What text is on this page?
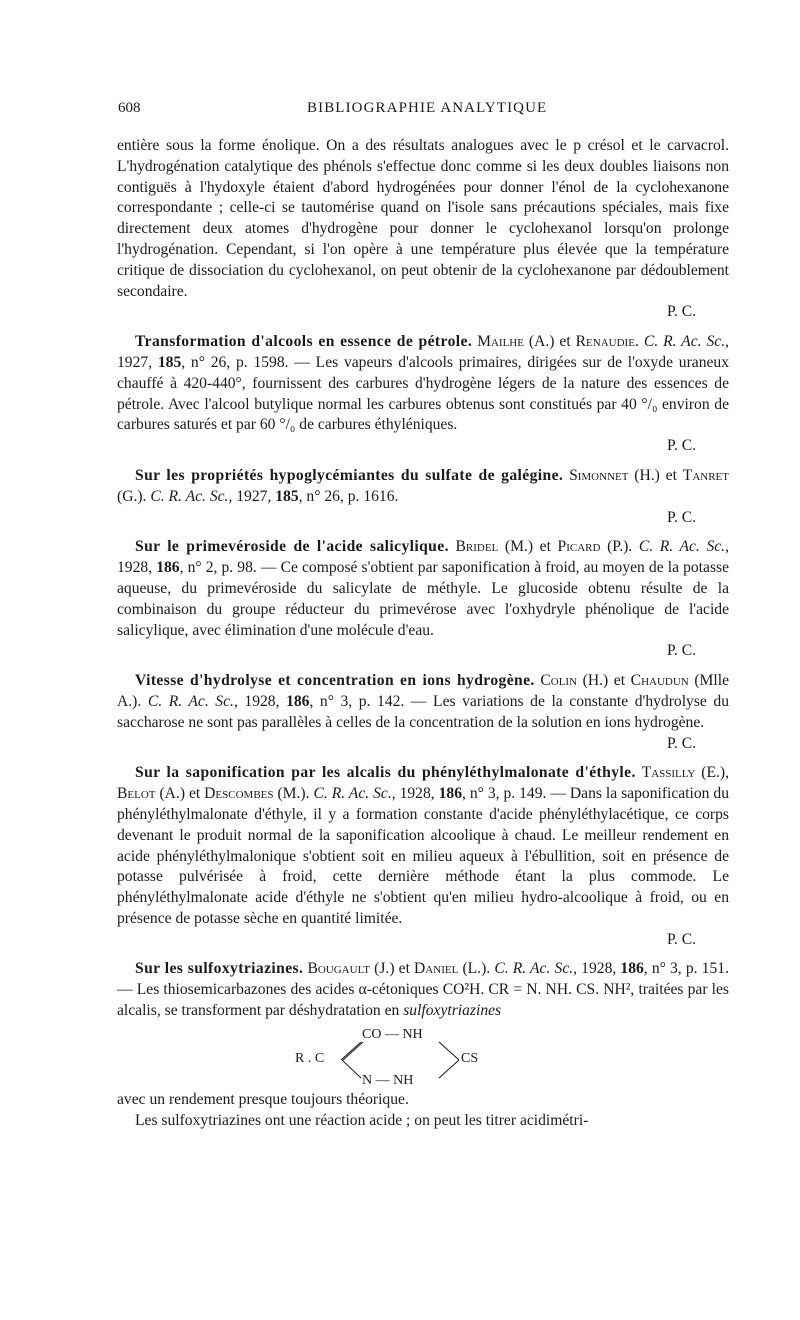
608	BIBLIOGRAPHIE ANALYTIQUE

entière sous la forme énolique. On a des résultats analogues avec le p crésol et le carvacrol. L'hydrogénation catalytique des phénols s'effectue donc comme si les deux doubles liaisons non contiguës à l'hydoxyle étaient d'abord hydrogénées pour donner l'énol de la cyclohexanone correspondante ; celle-ci se tautomérise quand on l'isole sans précautions spéciales, mais fixe directement deux atomes d'hydrogène pour donner le cyclohexanol lorsqu'on prolonge l'hydrogénation. Cependant, si l'on opère à une température plus élevée que la température critique de dissociation du cyclohexanol, on peut obtenir de la cyclohexanone par dédoublement secondaire.

P. C.

Transformation d'alcools en essence de pétrole. Mailhe (A.) et Renaudie. C. R. Ac. Sc., 1927, 185, n° 26, p. 1598. — Les vapeurs d'alcools primaires, dirigées sur de l'oxyde uraneux chauffé à 420-440°, fournissent des carbures d'hydrogène légers de la nature des essences de pétrole. Avec l'alcool butylique normal les carbures obtenus sont constitués par 40 °/₀ environ de carbures saturés et par 60 °/₀ de carbures éthyléniques.

P. C.

Sur les propriétés hypoglycémiantes du sulfate de galégine. Simonnet (H.) et Tanret (G.). C. R. Ac. Sc., 1927, 185, n° 26, p. 1616.

P. C.

Sur le primevéroside de l'acide salicylique. Bridel (M.) et Picard (P.). C. R. Ac. Sc., 1928, 186, n° 2, p. 98. — Ce composé s'obtient par saponification à froid, au moyen de la potasse aqueuse, du primevéroside du salicylate de méthyle. Le glucoside obtenu résulte de la combinaison du groupe réducteur du primevérose avec l'oxhydryle phénolique de l'acide salicylique, avec élimination d'une molécule d'eau.

P. C.

Vitesse d'hydrolyse et concentration en ions hydrogène. Colin (H.) et Chaudun (Mlle A.). C. R. Ac. Sc., 1928, 186, n° 3, p. 142. — Les variations de la constante d'hydrolyse du saccharose ne sont pas parallèles à celles de la concentration de la solution en ions hydrogène.

P. C.

Sur la saponification par les alcalis du phényléthylmalonate d'éthyle. Tassilly (E.), Belot (A.) et Descombes (M.). C. R. Ac. Sc., 1928, 186, n° 3, p. 149. — Dans la saponification du phényléthylmalonate d'éthyle, il y a formation constante d'acide phényléthylacétique, ce corps devenant le produit normal de la saponification alcoolique à chaud. Le meilleur rendement en acide phényléthylmalonique s'obtient soit en milieu aqueux à l'ébullition, soit en présence de potasse pulvérisée à froid, cette dernière méthode étant la plus commode. Le phényléthylmalonate acide d'éthyle ne s'obtient qu'en milieu hydro-alcoolique à froid, ou en présence de potasse sèche en quantité limitée.

P. C.

Sur les sulfoxytriazines. Bougault (J.) et Daniel (L.). C. R. Ac. Sc., 1928, 186, n° 3, p. 151. — Les thiosemicarbazones des acides α-cétoniques CO²H. CR = N. NH. CS. NH², traitées par les alcalis, se transforment par déshydratation en sulfoxytriazines

CO — NH
R . C	CS
N — NH

avec un rendement presque toujours théorique.

Les sulfoxytriazines ont une réaction acide ; on peut les titrer acidimétri-
